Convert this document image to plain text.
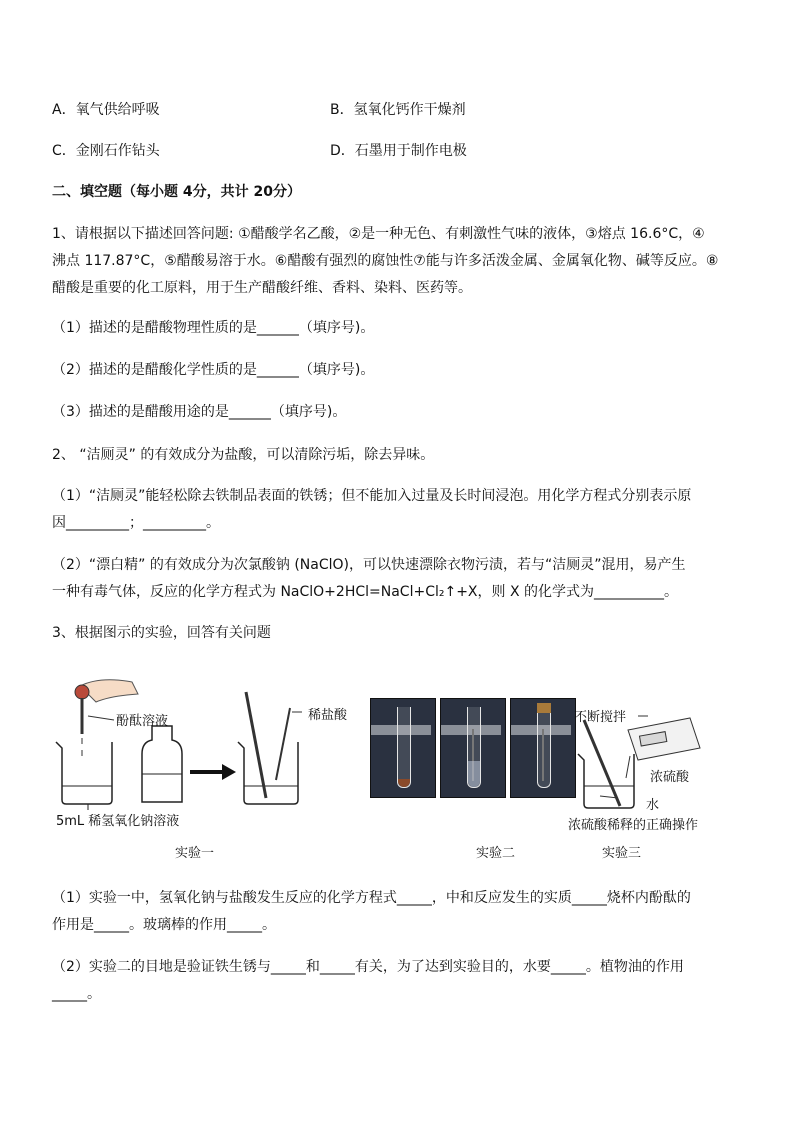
A．氧气供给呼吸	B．氢氧化钙作干燥剂
C．金刚石作钻头	D．石墨用于制作电极
二、填空题（每小题 4分，共计 20分）
1、请根据以下描述回答问题: ①醋酸学名乙酸，②是一种无色、有刺激性气味的液体，③熔点 16.6°C，④
沸点 117.87°C，⑤醋酸易溶于水。⑥醋酸有强烈的腐蚀性⑦能与许多活泼金属、金属氧化物、碱等反应。⑧
醋酸是重要的化工原料，用于生产醋酸纤维、香料、染料、医药等。
（1）描述的是醋酸物理性质的是______（填序号)。
（2）描述的是醋酸化学性质的是______（填序号)。
（3）描述的是醋酸用途的是______（填序号)。
2、 “洁厕灵” 的有效成分为盐酸，可以清除污垢，除去异味。
（1）“洁厕灵”能轻松除去铁制品表面的铁锈；但不能加入过量及长时间浸泡。用化学方程式分别表示原
因_________；_________。
（2）“漂白精” 的有效成分为次氯酸钠 (NaClO)，可以快速漂除衣物污渍，若与“洁厕灵”混用，易产生
一种有毒气体，反应的化学方程式为 NaClO+2HCl=NaCl+Cl₂↑+X，则 X 的化学式为__________。
3、根据图示的实验，回答有关问题
酚酞溶液	稀盐酸
5mL 稀氢氧化钠溶液
实验一	实验二
不断搅拌
浓硫酸
水
浓硫酸稀释的正确操作
实验三
（1）实验一中，氢氧化钠与盐酸发生反应的化学方程式_____，中和反应发生的实质_____烧杯内酚酞的
作用是_____。玻璃棒的作用_____。
（2）实验二的目地是验证铁生锈与_____和_____有关，为了达到实验目的，水要_____。植物油的作用
_____。
